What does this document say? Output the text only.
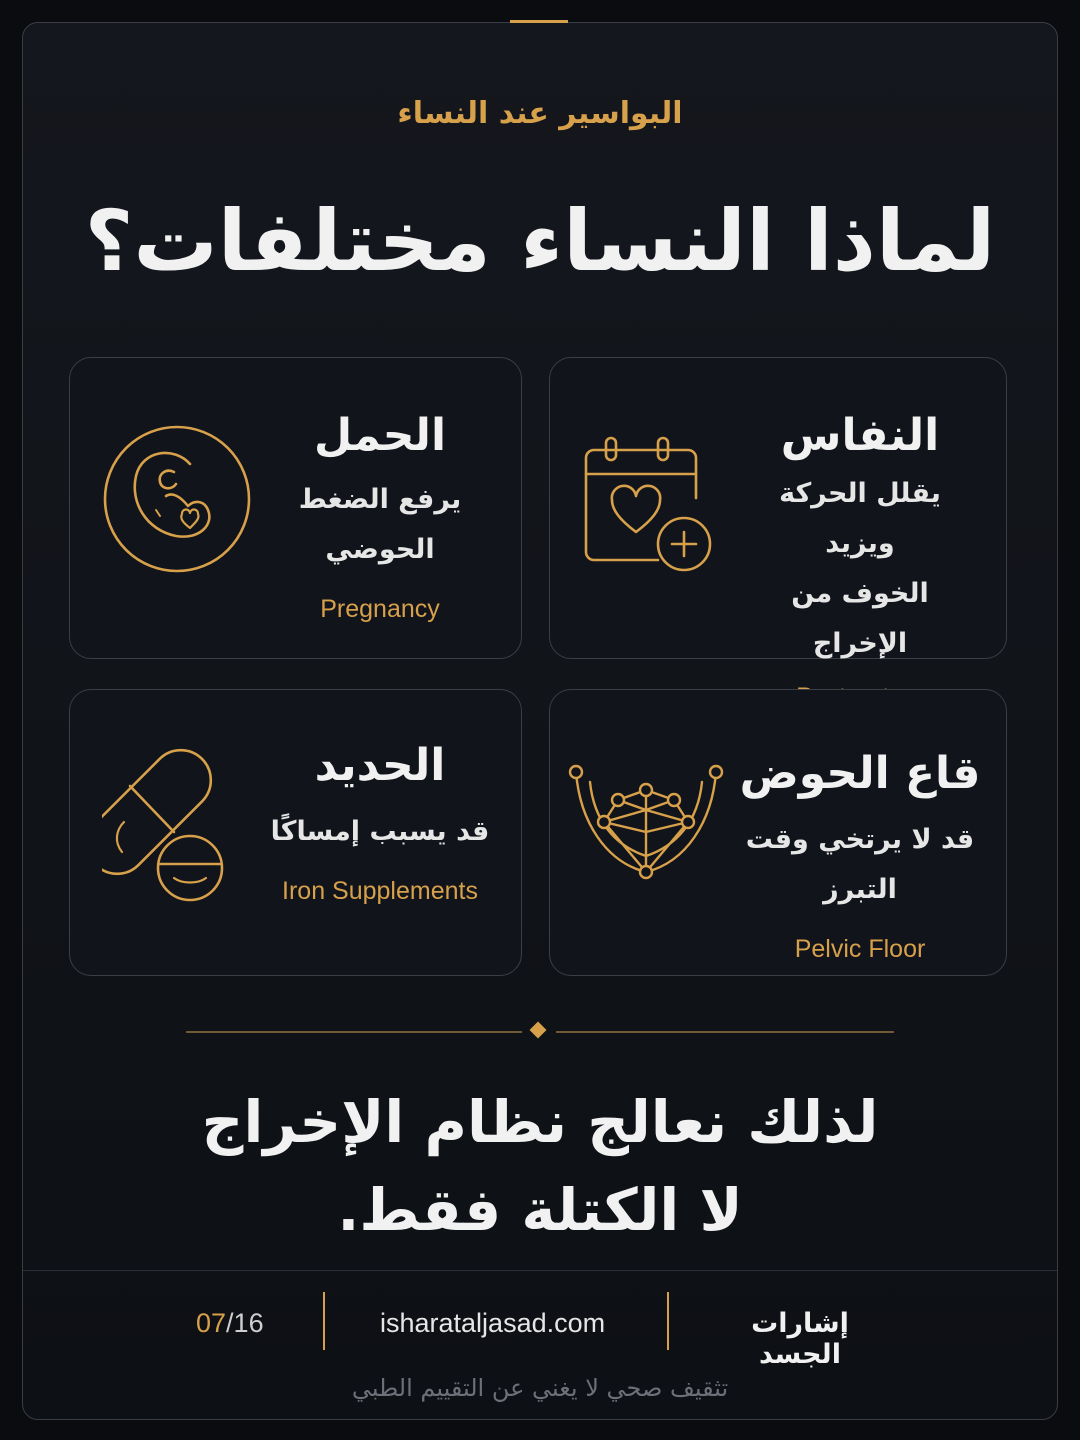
البواسير عند النساء
لماذا النساء مختلفات؟
النفاس
يقلل الحركة ويزيد
الخوف من الإخراج
الحمل
يرفع الضغط الحوضي
Pregnancy
قاع الحوض
قد لا يرتخي وقت التبرز
Pelvic Floor
الحديد
قد يسبب إمساكًا
Iron Supplements
لذلك نعالج نظام الإخراج
لا الكتلة فقط.
07/16	isharataljasad.com	إشارات الجسد
تثقيف صحي لا يغني عن التقييم الطبي
